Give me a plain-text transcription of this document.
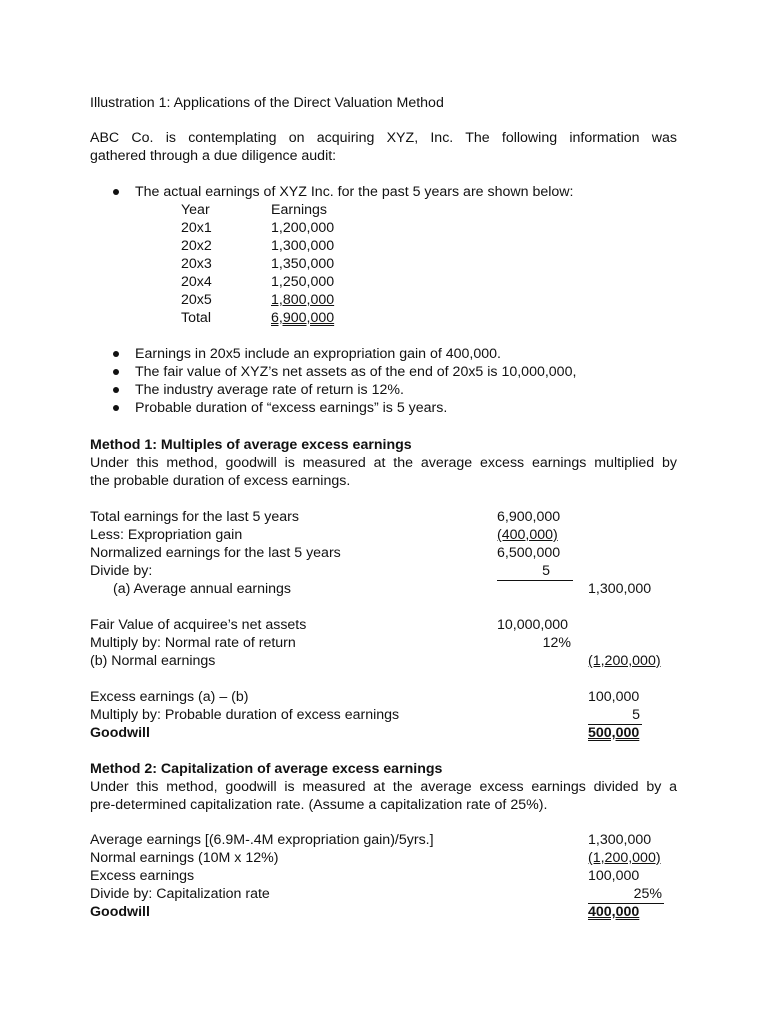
Illustration 1: Applications of the Direct Valuation Method
ABC Co. is contemplating on acquiring XYZ, Inc. The following information was
gathered through a due diligence audit:
The actual earnings of XYZ Inc. for the past 5 years are shown below:
Year	Earnings
20x1	1,200,000
20x2	1,300,000
20x3	1,350,000
20x4	1,250,000
20x5	1,800,000
Total	6,900,000
Earnings in 20x5 include an expropriation gain of 400,000.
The fair value of XYZ’s net assets as of the end of 20x5 is 10,000,000,
The industry average rate of return is 12%.
Probable duration of “excess earnings” is 5 years.
Method 1: Multiples of average excess earnings
Under this method, goodwill is measured at the average excess earnings multiplied by
the probable duration of excess earnings.
Total earnings for the last 5 years	6,900,000
Less: Expropriation gain	(400,000)
Normalized earnings for the last 5 years	6,500,000
Divide by:	5
(a) Average annual earnings	1,300,000
Fair Value of acquiree’s net assets	10,000,000
Multiply by: Normal rate of return	12%
(b) Normal earnings	(1,200,000)
Excess earnings (a) – (b)	100,000
Multiply by: Probable duration of excess earnings	5
Goodwill	500,000
Method 2: Capitalization of average excess earnings
Under this method, goodwill is measured at the average excess earnings divided by a
pre-determined capitalization rate. (Assume a capitalization rate of 25%).
Average earnings [(6.9M-.4M expropriation gain)/5yrs.]	1,300,000
Normal earnings (10M x 12%)	(1,200,000)
Excess earnings	100,000
Divide by: Capitalization rate	25%
Goodwill	400,000
